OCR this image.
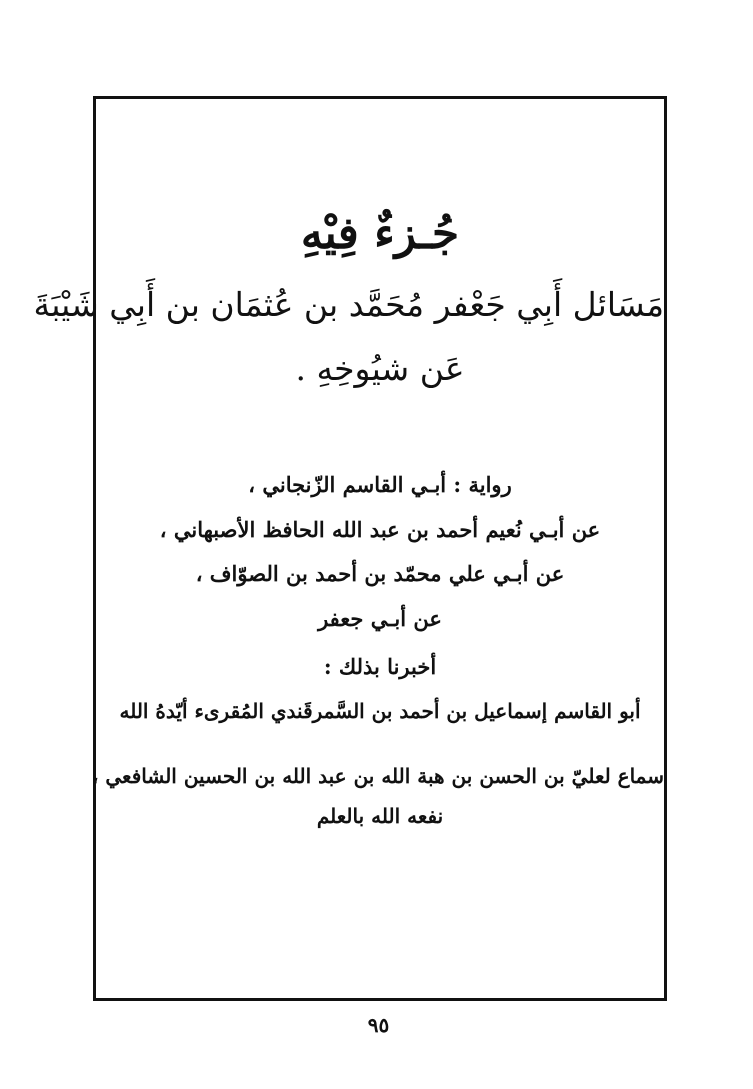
جُـزءٌ فِيْهِ
مَسَائل أَبِي جَعْفر مُحَمَّد بن عُثمَان بن أَبِي شَيْبَةَ
عَن شيُوخِهِ .
رواية : أبـي القاسم الزّنجاني ،
عن أبـي نُعيم أحمد بن عبد الله الحافظ الأصبهاني ،
عن أبـي علي محمّد بن أحمد بن الصوّاف ،
عن أبـي جعفر
أخبرنا بذلك :
أبو القاسم إسماعيل بن أحمد بن السَّمرقَندي المُقرىء أيّدهُ الله
سماع لعليّ بن الحسن بن هبة الله بن عبد الله بن الحسين الشافعي ،
نفعه الله بالعلم
٩٥
